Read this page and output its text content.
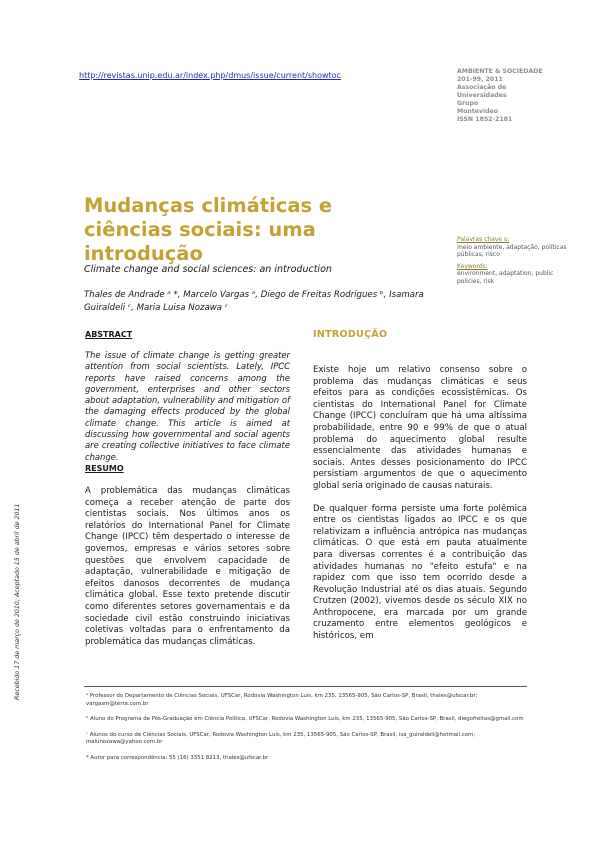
http://revistas.unip.edu.ar/index.php/dmus/issue/current/showtoc	AMBIENTE & SOCIEDADE
201-99, 2011
Associação de
Universidades
Grupo
Montevideo
ISSN 1852-2181
Mudanças climáticas e ciências sociais: uma introdução
Climate change and social sciences: an introduction
Thales de Andrade ᵃ *, Marcelo Vargas ᵃ, Diego de Freitas Rodrigues ᵇ, Isamara Guiraldeli ᶜ, Maria Luisa Nozawa ᶜ
Palavras chave s:
meio ambiente, adaptação, políticas públicas, risco
Keywords:
environment, adaptation, public policies, risk
ABSTRACT

The issue of climate change is getting greater attention from social scientists. Lately, IPCC reports have raised concerns among the government, enterprises and other sectors about adaptation, vulnerability and mitigation of the damaging effects produced by the global climate change. This article is aimed at discussing how governmental and social agents are creating collective initiatives to face climate change.

RESUMO

A problemática das mudanças climáticas começa a receber atenção de parte dos cientistas sociais. Nos últimos anos os relatórios do International Panel for Climate Change (IPCC) têm despertado o interesse de governos, empresas e vários setores sobre questões que envolvem capacidade de adaptação, vulnerabilidade e mitigação de efeitos danosos decorrentes de mudança climática global. Esse texto pretende discutir como diferentes setores governamentais e da sociedade civil estão construindo iniciativas coletivas voltadas para o enfrentamento da problemática das mudanças climáticas.

INTRODUÇÃO

Existe hoje um relativo consenso sobre o problema das mudanças climáticas e seus efeitos para as condições ecossistêmicas. Os cientistas do International Panel for Climate Change (IPCC) concluíram que há uma altíssima probabilidade, entre 90 e 99% de que o atual problema do aquecimento global resulte essencialmente das atividades humanas e sociais. Antes desses posicionamento do IPCC persistiam argumentos de que o aquecimento global seria originado de causas naturais.

De qualquer forma persiste uma forte polêmica entre os cientistas ligados ao IPCC e os que relativizam a influência antrópica nas mudanças climáticas. O que está em pauta atualmente para diversas correntes é a contribuição das atividades humanas no "efeito estufa" e na rapidez com que isso tem ocorrido desde a Revolução Industrial até os dias atuais. Segundo Crutzen (2002), vivemos desde os século XIX no Anthropocene, era marcada por um grande cruzamento entre elementos geológicos e históricos, em

ᵃ Professor do Departamento de Ciências Sociais, UFSCar, Rodovia Washington Luís, km 235, 13565-905, São Carlos-SP, Brasil, thales@ufscar.br; vargasm@terra.com.br

ᵇ Aluno do Programa de Pós-Graduação em Ciência Política, UFSCar, Rodovia Washington Luís, km 235, 13565-905, São Carlos-SP, Brasil, diegofreitas@gmail.com

ᶜ Alunos do curso de Ciências Sociais, UFSCar, Rodovia Washington Luís, km 235, 13565-905, São Carlos-SP, Brasil, isa_guiraldeli@hotmail.com; malunozawa@yahoo.com.br

* Autor para correspondência: 55 (16) 3351 8213, thales@ufscar.br

Recebido 17 de março de 2010; Aceptado 15 de abril de 2011
